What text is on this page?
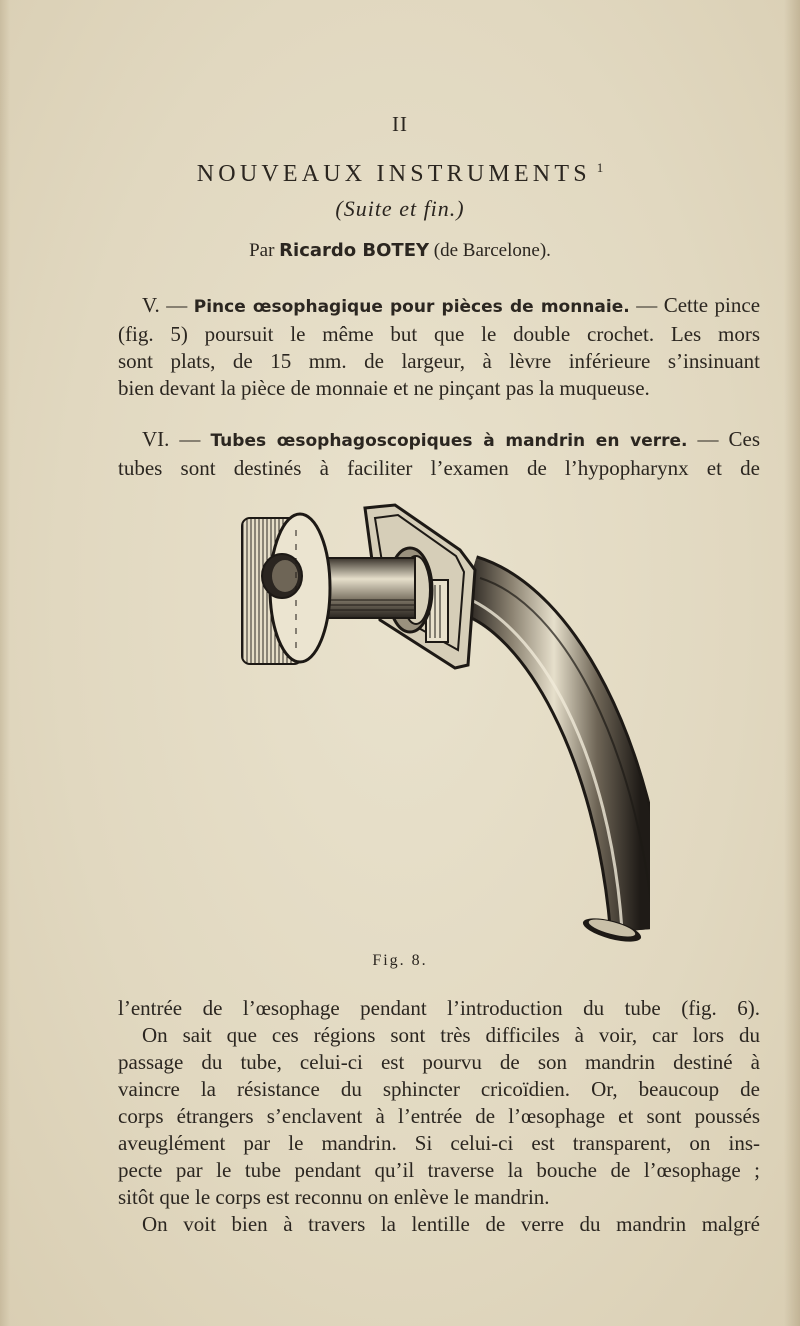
II
NOUVEAUX INSTRUMENTS $^1$
(Suite et fin.)
Par Ricardo BOTEY (de Barcelone).
V. — Pince œsophagique pour pièces de monnaie. — Cette pince
(fig. 5) poursuit le même but que le double crochet. Les mors
sont plats, de 15 mm. de largeur, à lèvre inférieure s’insinuant
bien devant la pièce de monnaie et ne pinçant pas la muqueuse.
VI. — Tubes œsophagoscopiques à mandrin en verre. — Ces
tubes sont destinés à faciliter l’examen de l’hypopharynx et de
Fig. 8.
l’entrée de l’œsophage pendant l’introduction du tube (fig. 6).
On sait que ces régions sont très difficiles à voir, car lors du
passage du tube, celui-ci est pourvu de son mandrin destiné à
vaincre la résistance du sphincter cricoïdien. Or, beaucoup de
corps étrangers s’enclavent à l’entrée de l’œsophage et sont poussés
aveuglément par le mandrin. Si celui-ci est transparent, on ins-
pecte par le tube pendant qu’il traverse la bouche de l’œsophage ;
sitôt que le corps est reconnu on enlève le mandrin.
On voit bien à travers la lentille de verre du mandrin malgré
